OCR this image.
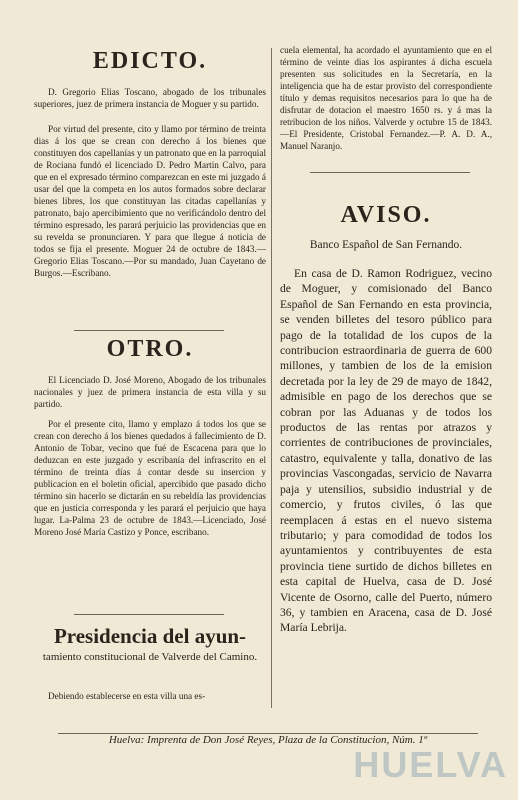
EDICTO.

D. Gregorio Elias Toscano, abogado de los tribunales superiores, juez de primera instancia de Moguer y su partido.

Por virtud del presente, cito y llamo por término de treinta dias á los que se crean con derecho á los bienes que constituyen dos capellanías y un patronato que en la parroquial de Rociana fundó el licenciado D. Pedro Martin Calvo, para que en el expresado término comparezcan en este mi juzgado á usar del que la competa en los autos formados sobre declarar bienes libres, los que constituyan las citadas capellanías y patronato, bajo apercibimiento que no verificándolo dentro del término espresado, les parará perjuicio las providencias que en su revelda se pronunciaren. Y para que llegue á noticia de todos se fija el presente. Moguer 24 de octubre de 1843.—Gregorio Elias Toscano.—Por su mandado, Juan Cayetano de Burgos.—Escribano.

OTRO.

El Licenciado D. José Moreno, Abogado de los tribunales nacionales y juez de primera instancia de esta villa y su partido.

Por el presente cito, llamo y emplazo á todos los que se crean con derecho á los bienes quedados á fallecimiento de D. Antonio de Tobar, vecino que fué de Escacena para que lo deduzcan en este juzgado y escribanía del infrascrito en el término de treinta días á contar desde su insercion y publicacion en el boletin oficial, apercibido que pasado dicho término sin hacerlo se dictarán en su rebeldía las providencias que en justicia corresponda y les parará el perjuicio que haya lugar. La-Palma 23 de octubre de 1843.—Licenciado, José Moreno José María Castizo y Ponce, escribano.

Presidencia del ayun-

tamiento constitucional de Valverde del Camino.

Debiendo establecerse en esta villa una es-

cuela elemental, ha acordado el ayuntamiento que en el término de veinte dias los aspirantes á dicha escuela presenten sus solicitudes en la Secretaría, en la inteligencia que ha de estar provisto del correspondiente título y demas requisitos necesarios para lo que ha de disfrutar de dotacion el maestro 1650 rs. y á mas la retribucion de los niños. Valverde y octubre 15 de 1843.—El Presidente, Cristobal Fernandez.—P. A. D. A., Manuel Naranjo.

AVISO.

Banco Español de San Fernando.

En casa de D. Ramon Rodriguez, vecino de Moguer, y comisionado del Banco Español de San Fernando en esta provincia, se venden billetes del tesoro público para pago de la totalidad de los cupos de la contribucion estraordinaria de guerra de 600 millones, y tambien de los de la emision decretada por la ley de 29 de mayo de 1842, admisible en pago de los derechos que se cobran por las Aduanas y de todos los productos de las rentas por atrazos y corrientes de contribuciones de provinciales, catastro, equivalente y talla, donativo de las provincias Vascongadas, servicio de Navarra paja y utensilios, subsidio industrial y de comercio, y frutos civiles, ó las que reemplacen á estas en el nuevo sistema tributario; y para comodidad de todos los ayuntamientos y contribuyentes de esta provincia tiene surtido de dichos billetes en esta capital de Huelva, casa de D. José Vicente de Osorno, calle del Puerto, número 36, y tambien en Aracena, casa de D. José María Lebrija.

Huelva: Imprenta de Don José Reyes, Plaza de la Constitucion, Núm. 1º
HUELVA
